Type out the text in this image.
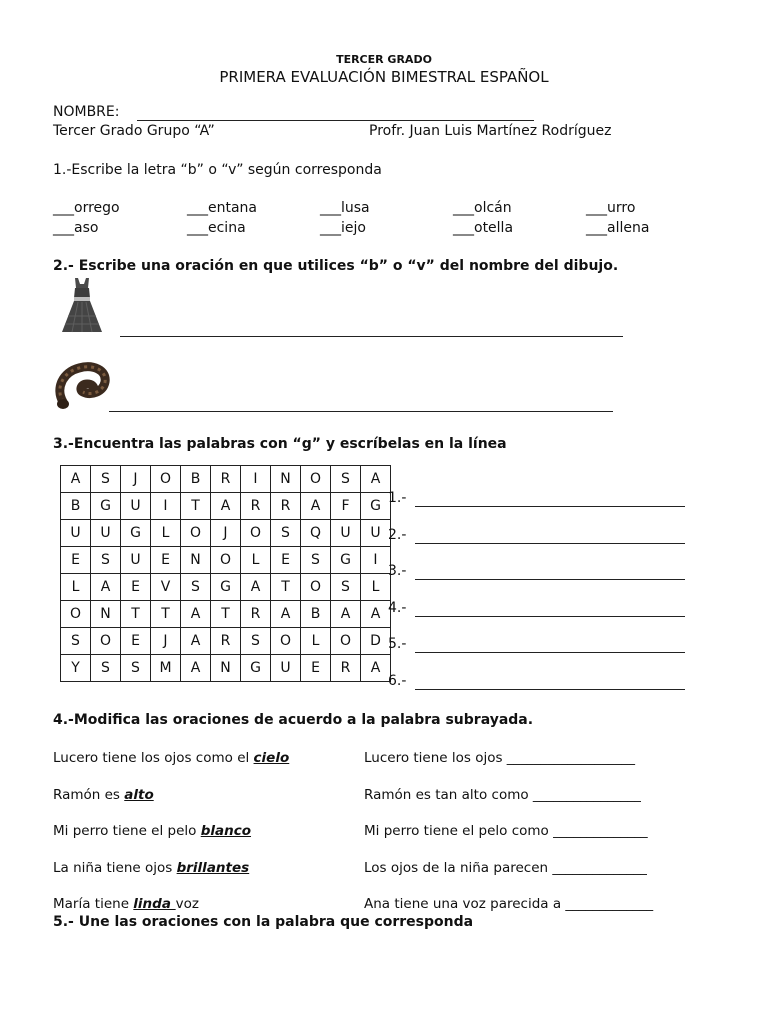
TERCER GRADO
PRIMERA EVALUACIÓN BIMESTRAL ESPAÑOL
NOMBRE:
Tercer Grado Grupo “A”	Profr. Juan Luis Martínez Rodríguez
1.-Escribe la letra “b” o “v” según corresponda
___orrego	___entana	___lusa	___olcán	___urro
___aso	___ecina	___iejo	___otella	___allena
2.- Escribe una oración en que utilices “b” o “v” del nombre del dibujo.
3.-Encuentra las palabras con “g” y escríbelas en la línea
A	S	J	O	B	R	I	N	O	S	A
B	G	U	I	T	A	R	R	A	F	G
U	U	G	L	O	J	O	S	Q	U	U
E	S	U	E	N	O	L	E	S	G	I
L	A	E	V	S	G	A	T	O	S	L
O	N	T	T	A	T	R	A	B	A	A
S	O	E	J	A	R	S	O	L	O	D
Y	S	S	M	A	N	G	U	E	R	A
1.-
2.-
3.-
4.-
5.-
6.-
4.-Modifica las oraciones de acuerdo a la palabra subrayada.
Lucero tiene los ojos como el cielo	Lucero tiene los ojos ___________________
Ramón es alto	Ramón es tan alto como ________________
Mi perro tiene el pelo blanco	Mi perro tiene el pelo como ______________
La niña tiene ojos brillantes	Los ojos de la niña parecen ______________
María tiene linda voz	Ana tiene una voz parecida a _____________
5.- Une las oraciones con la palabra que corresponda
